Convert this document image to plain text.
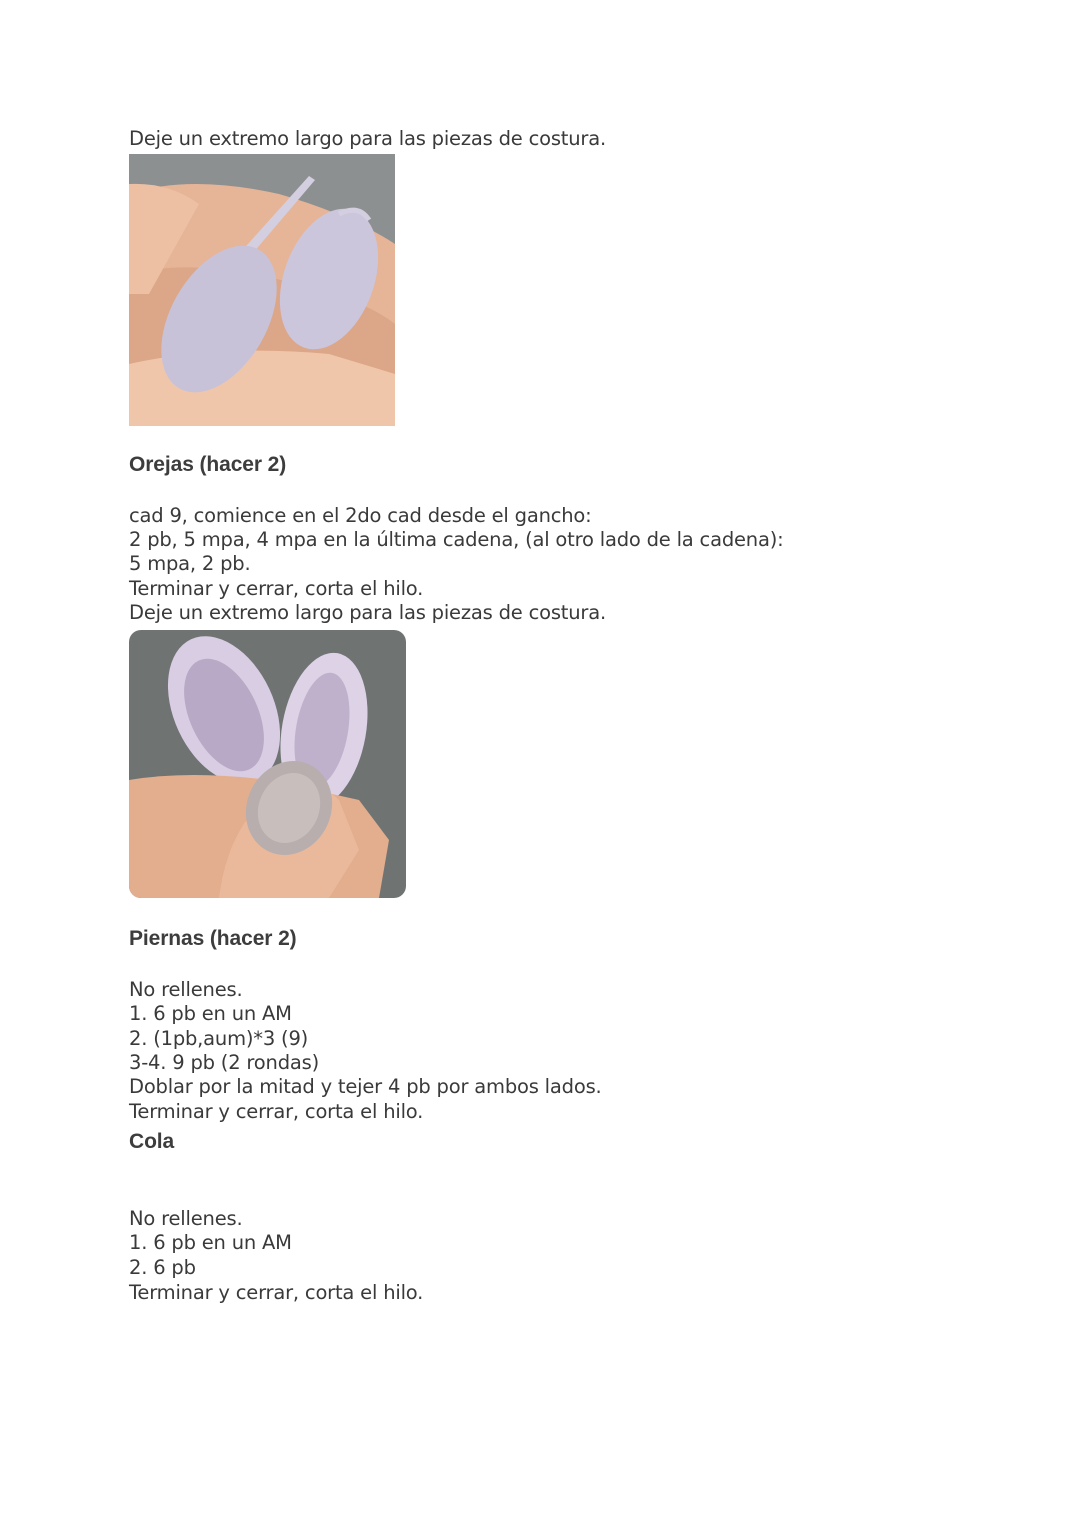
Deje un extremo largo para las piezas de costura.
Orejas (hacer 2)
cad 9, comience en el 2do cad desde el gancho:
2 pb, 5 mpa, 4 mpa en la última cadena, (al otro lado de la cadena):
5 mpa, 2 pb.
Terminar y cerrar, corta el hilo.
Deje un extremo largo para las piezas de costura.
Piernas (hacer 2)
No rellenes.
1. 6 pb en un AM
2. (1pb,aum)*3 (9)
3-4. 9 pb (2 rondas)
Doblar por la mitad y tejer 4 pb por ambos lados.
Terminar y cerrar, corta el hilo.
Cola
No rellenes.
1. 6 pb en un AM
2. 6 pb
Terminar y cerrar, corta el hilo.
